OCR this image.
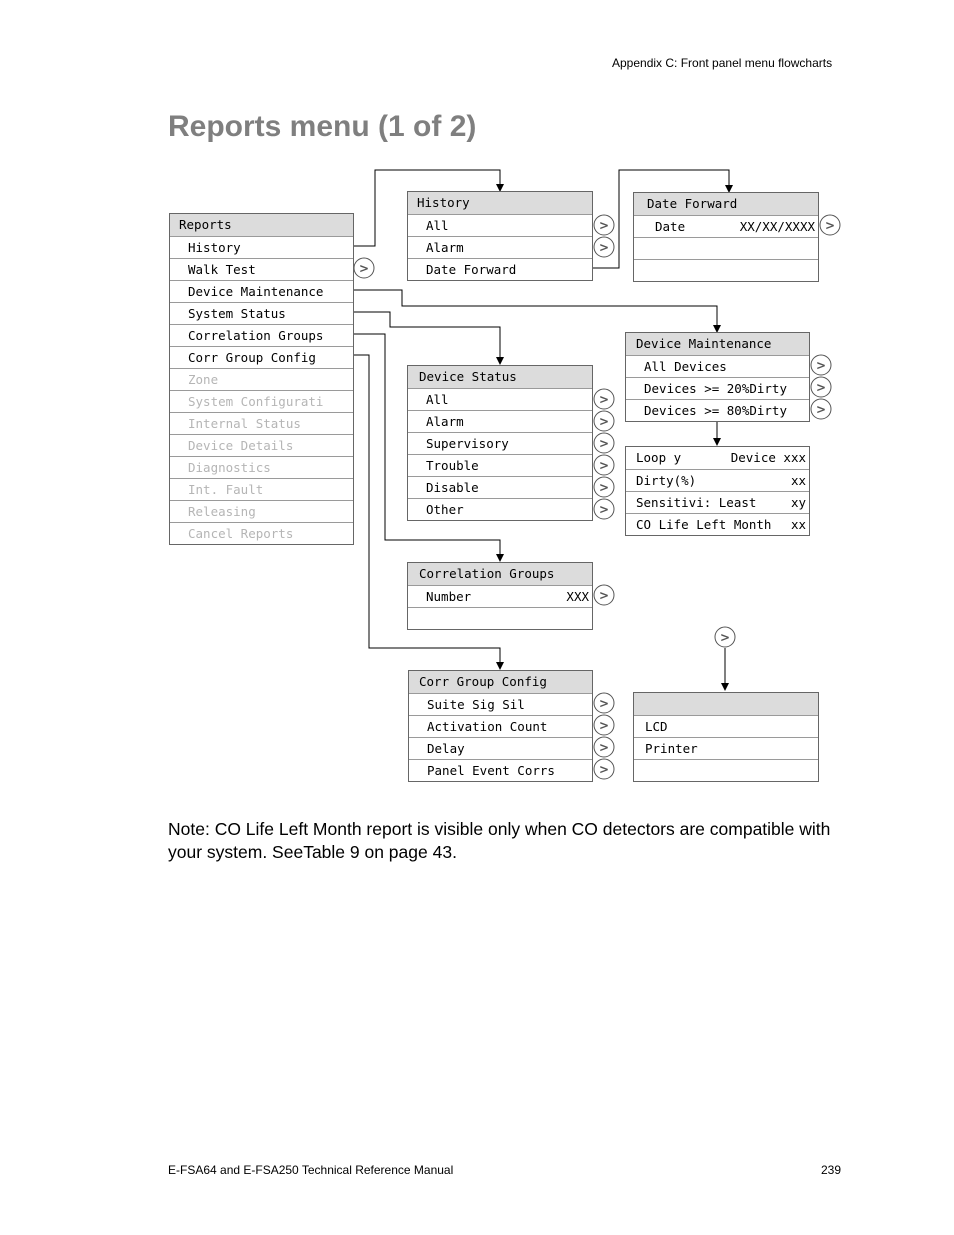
Appendix C: Front panel menu flowcharts
Reports menu (1 of 2)
>
>
>
>
>
>
>
>
>
>
>
>
>
>
>
>
>
>
>
Reports
History
Walk Test
Device Maintenance
System Status
Correlation Groups
Corr Group Config
Zone
System Configurati
Internal Status
Device Details
Diagnostics
Int. Fault
Releasing
Cancel Reports
History
All
Alarm
Date Forward
Date Forward
Date	XX/XX/XXXX
Device Maintenance
All Devices
Devices >= 20%Dirty
Devices >= 80%Dirty
Loop y	Device xxx
Dirty(%)	xx
Sensitivi: Least	xy
CO Life Left Month xx
Device Status
All
Alarm
Supervisory
Trouble
Disable
Other
Correlation Groups
Number	XXX
Corr Group Config
Suite Sig Sil
Activation Count
Delay
Panel Event Corrs
LCD
Printer
Note: CO Life Left Month report is visible only when CO detectors are compatible with your system. SeeTable 9 on page 43.
E-FSA64 and E-FSA250 Technical Reference Manual	239
